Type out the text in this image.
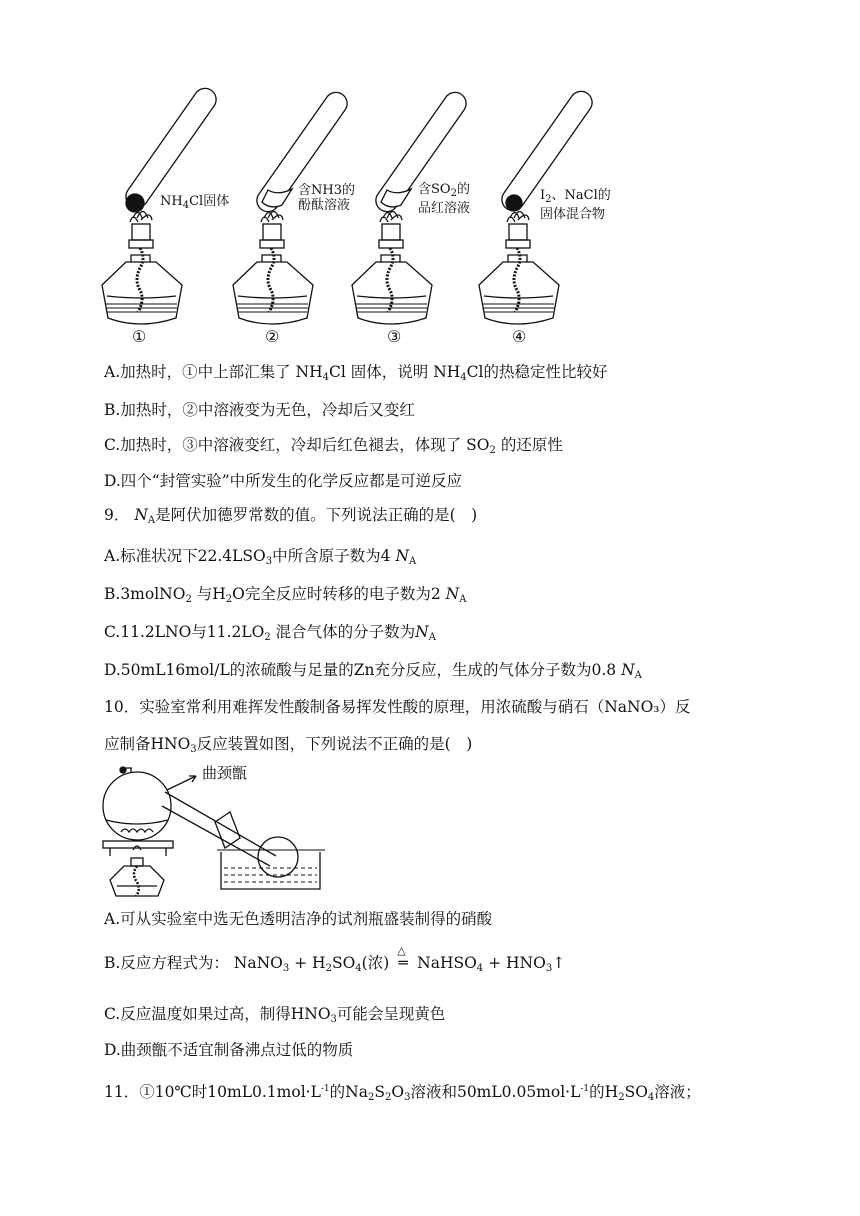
$NH_4Cl$固体
含NH3的
酚酞溶液
含$SO_2$的
品红溶液
$I_2$、NaCl的
固体混合物
①	②	③	④
A.加热时，①中上部汇集了 $NH_4Cl$ 固体，说明 $NH_4Cl$的热稳定性比较好
B.加热时，②中溶液变为无色，冷却后又变红
C.加热时，③中溶液变红，冷却后红色褪去，体现了 $SO_2$ 的还原性
D.四个“封管实验”中所发生的化学反应都是可逆反应
9． $N_A$是阿伏加德罗常数的值。下列说法正确的是(　)
A.标准状况下$22.4LSO_3$中所含原子数为4 $N_A$
B.3molNO$_2$ 与$H_2O$完全反应时转移的电子数为2 $N_A$
C.11.2LNO与$11.2LO_2$ 混合气体的分子数为$N_A$
D.50mL16mol/L的浓硫酸与足量的Zn充分反应，生成的气体分子数为0.8 $N_A$
10．实验室常利用难挥发性酸制备易挥发性酸的原理，用浓硫酸与硝石（NaNO₃）反
应制备$HNO_3$反应装置如图，下列说法不正确的是(　)
曲颈甑
A.可从实验室中选无色透明洁净的试剂瓶盛装制得的硝酸
B.反应方程式为： NaNO$_3$ + $H_2SO_4$(浓)
△
═ NaHSO$_4$ + $HNO_3↑$
C.反应温度如果过高，制得$HNO_3$可能会呈现黄色
D.曲颈甑不适宜制备沸点过低的物质
11．①10℃时$10mL0.1mol\cdot L^{-1}$的$Na_2S_2O_3$溶液和$50mL0.05mol\cdot L^{-1}$的$H_2SO_4$溶液；
